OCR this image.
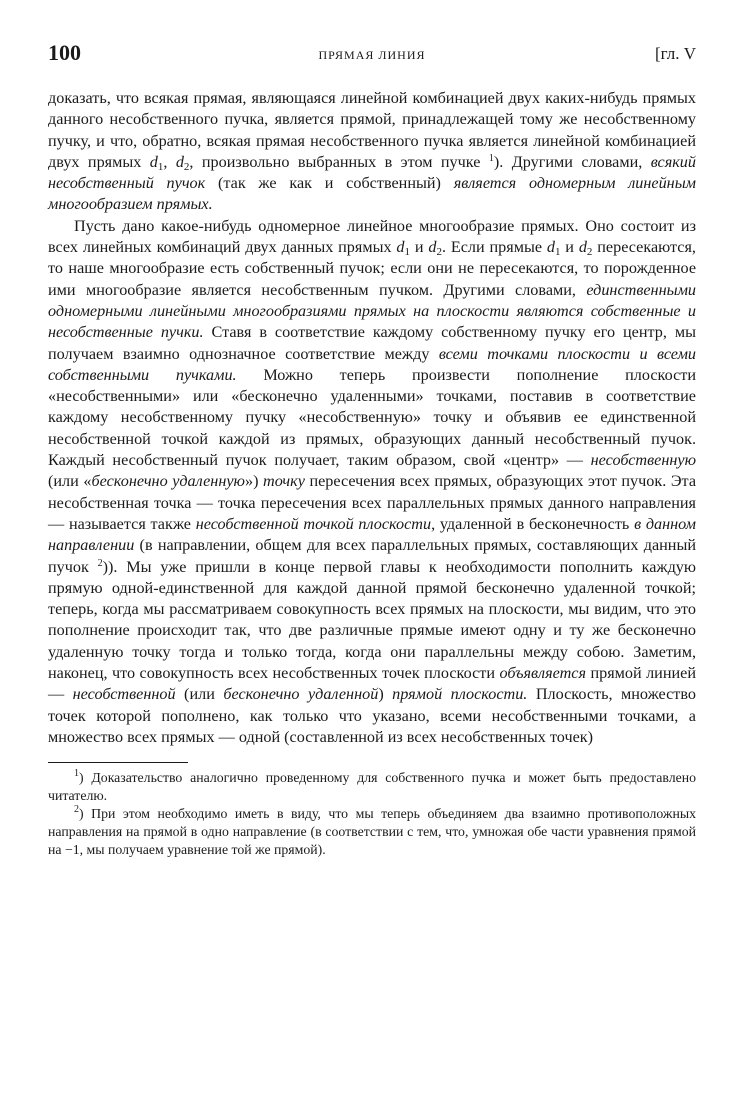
100	ПРЯМАЯ ЛИНИЯ	[гл. V

доказать, что всякая прямая, являющаяся линейной комбинацией двух каких-нибудь прямых данного несобственного пучка, является прямой, принадлежащей тому же несобственному пучку, и что, обратно, всякая прямая несобственного пучка является линейной комбинацией двух прямых $d_1$, $d_2$, произвольно выбранных в этом пучке $^1$). Другими словами, всякий несобственный пучок (так же как и собственный) является одномерным линейным многообразием прямых.

Пусть дано какое-нибудь одномерное линейное многообразие прямых. Оно состоит из всех линейных комбинаций двух данных прямых $d_1$ и $d_2$. Если прямые $d_1$ и $d_2$ пересекаются, то наше многообразие есть собственный пучок; если они не пересекаются, то порожденное ими многообразие является несобственным пучком. Другими словами, единственными одномерными линейными многообразиями прямых на плоскости являются собственные и несобственные пучки. Ставя в соответствие каждому собственному пучку его центр, мы получаем взаимно однозначное соответствие между всеми точками плоскости и всеми собственными пучками. Можно теперь произвести пополнение плоскости «несобственными» или «бесконечно удаленными» точками, поставив в соответствие каждому несобственному пучку «несобственную» точку и объявив ее единственной несобственной точкой каждой из прямых, образующих данный несобственный пучок. Каждый несобственный пучок получает, таким образом, свой «центр» — несобственную (или «бесконечно удаленную») точку пересечения всех прямых, образующих этот пучок. Эта несобственная точка — точка пересечения всех параллельных прямых данного направления — называется также несобственной точкой плоскости, удаленной в бесконечность в данном направлении (в направлении, общем для всех параллельных прямых, составляющих данный пучок $^2$)). Мы уже пришли в конце первой главы к необходимости пополнить каждую прямую одной-единственной для каждой данной прямой бесконечно удаленной точкой; теперь, когда мы рассматриваем совокупность всех прямых на плоскости, мы видим, что это пополнение происходит так, что две различные прямые имеют одну и ту же бесконечно удаленную точку тогда и только тогда, когда они параллельны между собою. Заметим, наконец, что совокупность всех несобственных точек плоскости объявляется прямой линией — несобственной (или бесконечно удаленной) прямой плоскости. Плоскость, множество точек которой пополнено, как только что указано, всеми несобственными точками, а множество всех прямых — одной (составленной из всех несобственных точек)

$^1$) Доказательство аналогично проведенному для собственного пучка и может быть предоставлено читателю.

$^2$) При этом необходимо иметь в виду, что мы теперь объединяем два взаимно противоположных направления на прямой в одно направление (в соответствии с тем, что, умножая обе части уравнения прямой на −1, мы получаем уравнение той же прямой).
